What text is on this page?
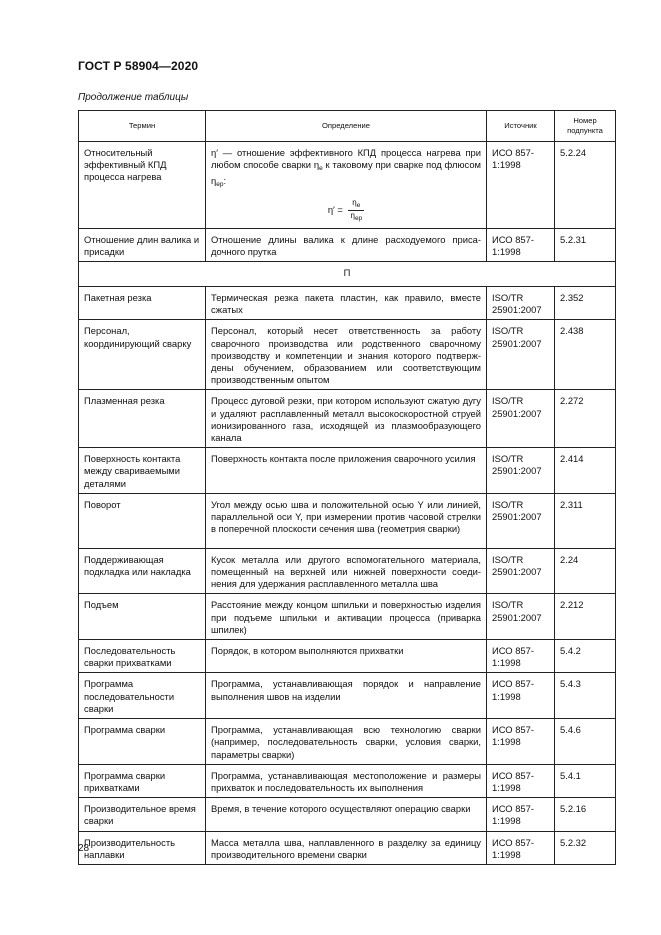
ГОСТ Р 58904—2020
Продолжение таблицы
Термин	Определение	Источник	Номер
подпункта
Относительный эффективный КПД процесса нагрева	η′ — отношение эффективного КПД процесса нагрева при любом способе сварки $\eta_e$ к таковому при сварке под флюсом $\eta_{eр}$:
$\eta' = \frac{\eta_e}{\eta_{eр}}$	ИСО 857-1:1998	5.2.24
Отношение длин валика и присадки	Отношение длины валика к длине расходуемого присадочного прутка	ИСО 857-1:1998	5.2.31
П			
Пакетная резка	Термическая резка пакета пластин, как правило, вместе сжатых	ISO/TR 25901:2007	2.352
Персонал, координирующий сварку	Персонал, который несет ответственность за работу сварочного производства или родственного сварочному производству и компетенции и знания которого подтверждены обучением, образованием или соответствующим производственным опытом	ISO/TR 25901:2007	2.438
Плазменная резка	Процесс дуговой резки, при котором используют сжатую дугу и удаляют расплавленный металл высокоскоростной струей ионизированного газа, исходящей из плазмообразующего канала	ISO/TR 25901:2007	2.272
Поверхность контакта между свариваемыми деталями	Поверхность контакта после приложения сварочного усилия	ISO/TR 25901:2007	2.414
Поворот	Угол между осью шва и положительной осью Y или линией, параллельной оси Y, при измерении против часовой стрелки в поперечной плоскости сечения шва (геометрия сварки)	ISO/TR 25901:2007	2.311
Поддерживающая подкладка или накладка	Кусок металла или другого вспомогательного материала, помещенный на верхней или нижней поверхности соединения для удержания расплавленного металла шва	ISO/TR 25901:2007	2.24
Подъем	Расстояние между концом шпильки и поверхностью изделия при подъеме шпильки и активации процесса (приварка шпилек)	ISO/TR 25901:2007	2.212
Последовательность сварки прихватками	Порядок, в котором выполняются прихватки	ИСО 857-1:1998	5.4.2
Программа последовательности сварки	Программа, устанавливающая порядок и направление выполнения швов на изделии	ИСО 857-1:1998	5.4.3
Программа сварки	Программа, устанавливающая всю технологию сварки (например, последовательность сварки, условия сварки, параметры сварки)	ИСО 857-1:1998	5.4.6
Программа сварки прихватками	Программа, устанавливающая местоположение и размеры прихваток и последовательность их выполнения	ИСО 857-1:1998	5.4.1
Производительное время сварки	Время, в течение которого осуществляют операцию сварки	ИСО 857-1:1998	5.2.16
Производительность наплавки	Масса металла шва, наплавленного в разделку за единицу производительного времени сварки	ИСО 857-1:1998	5.2.32
28
